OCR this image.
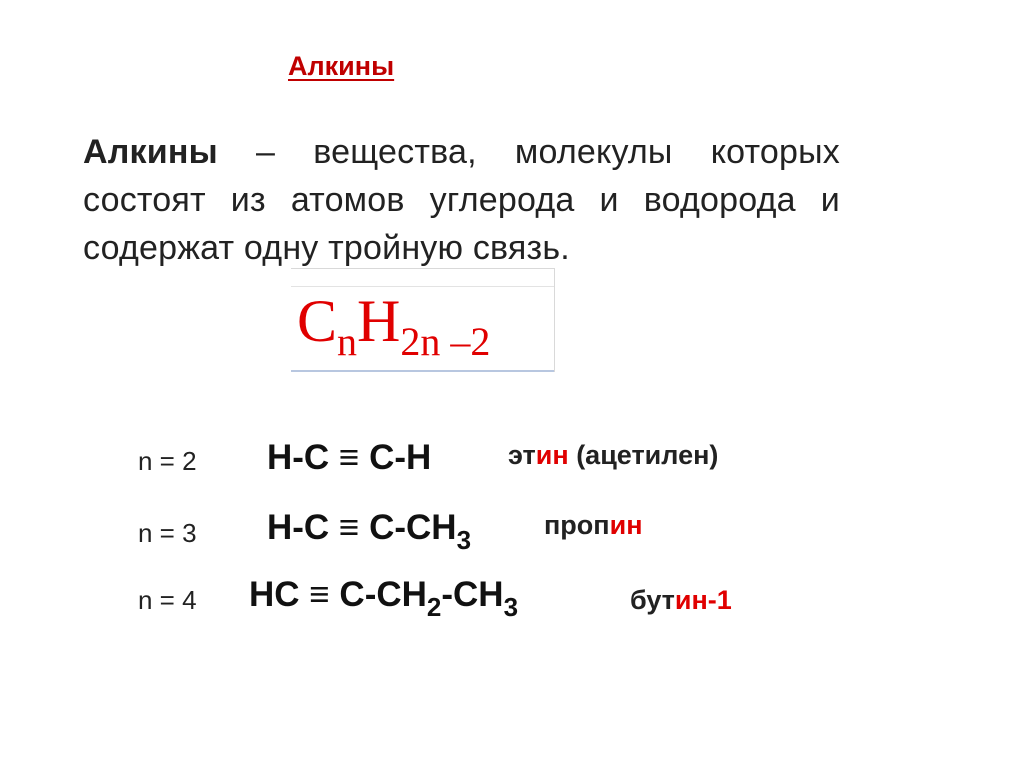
Алкины
Алкины – вещества, молекулы которых состоят из атомов углерода и водорода и содержат одну тройную связь.
$C_nH_{2n -2}$
n = 2 H-C ≡ C-H	этин (ацетилен)
n = 3 $H-C \equiv C-CH_3$	пропин
n = 4 HC ≡ $C-CH_2-CH_3$	бутин-1
